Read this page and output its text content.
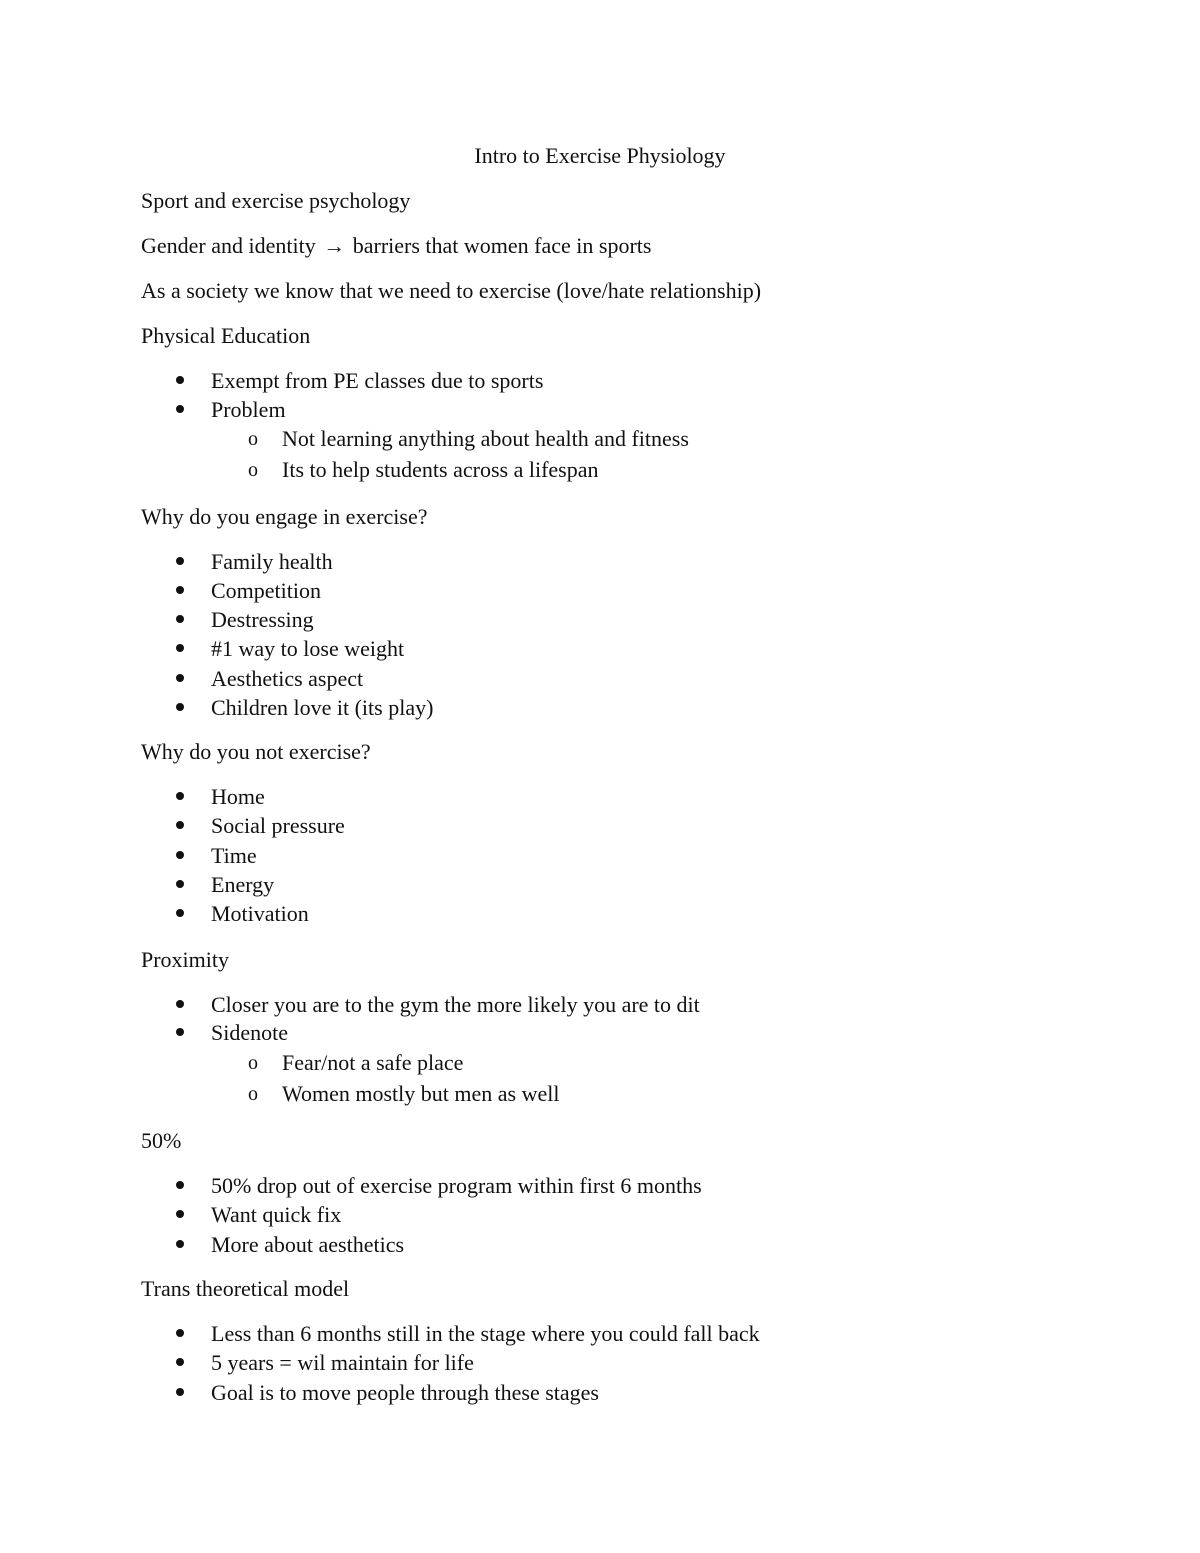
Intro to Exercise Physiology
Sport and exercise psychology
Gender and identity → barriers that women face in sports
As a society we know that we need to exercise (love/hate relationship)
Physical Education
Exempt from PE classes due to sports
Problem
o Not learning anything about health and fitness
o Its to help students across a lifespan
Why do you engage in exercise?
Family health
Competition
Destressing
#1 way to lose weight
Aesthetics aspect
Children love it (its play)
Why do you not exercise?
Home
Social pressure
Time
Energy
Motivation
Proximity
Closer you are to the gym the more likely you are to dit
Sidenote
o Fear/not a safe place
o Women mostly but men as well
50%
50% drop out of exercise program within first 6 months
Want quick fix
More about aesthetics
Trans theoretical model
Less than 6 months still in the stage where you could fall back
5 years = wil maintain for life
Goal is to move people through these stages
